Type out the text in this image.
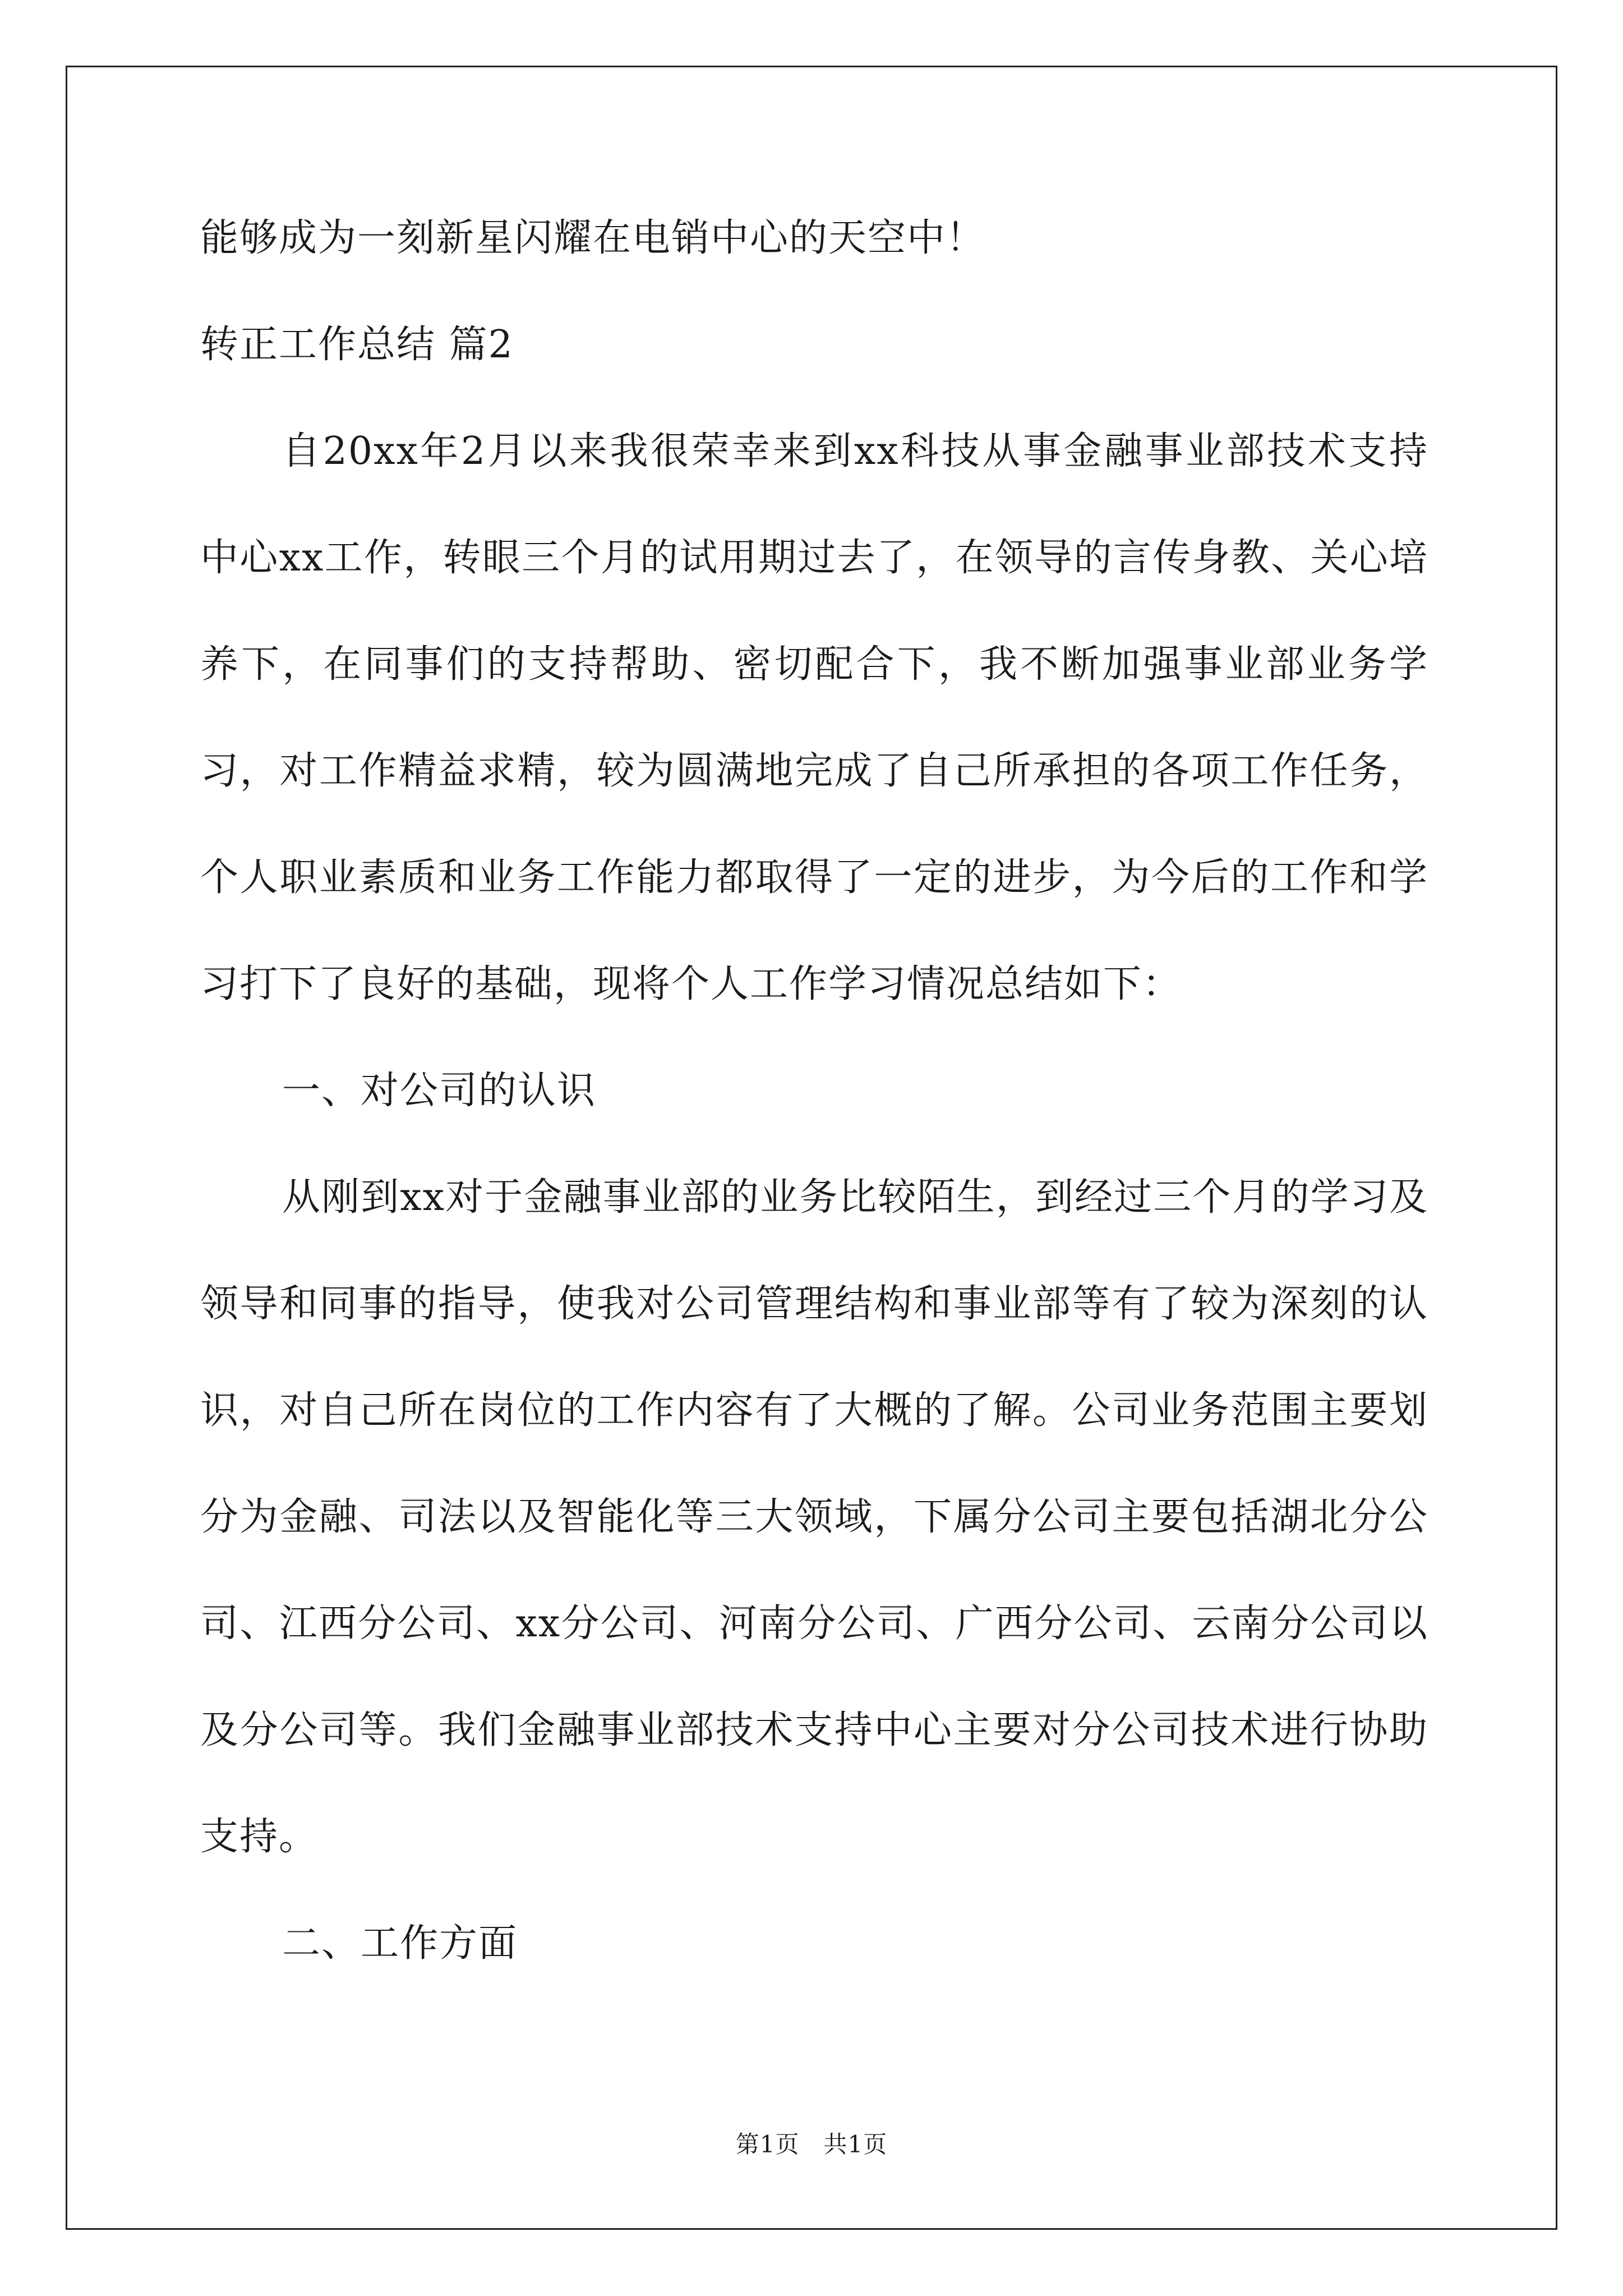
能够成为一刻新星闪耀在电销中心的天空中！

转正工作总结 篇2

自20xx年2月以来我很荣幸来到xx科技从事金融事业部技术支持中心xx工作，转眼三个月的试用期过去了，在领导的言传身教、关心培养下，在同事们的支持帮助、密切配合下，我不断加强事业部业务学习，对工作精益求精，较为圆满地完成了自己所承担的各项工作任务，个人职业素质和业务工作能力都取得了一定的进步，为今后的工作和学习打下了良好的基础，现将个人工作学习情况总结如下：

一、对公司的认识

从刚到xx对于金融事业部的业务比较陌生，到经过三个月的学习及领导和同事的指导，使我对公司管理结构和事业部等有了较为深刻的认识，对自己所在岗位的工作内容有了大概的了解。公司业务范围主要划分为金融、司法以及智能化等三大领域，下属分公司主要包括湖北分公司、江西分公司、xx分公司、河南分公司、广西分公司、云南分公司以及分公司等。我们金融事业部技术支持中心主要对分公司技术进行协助支持。

二、工作方面

第1页　共1页
